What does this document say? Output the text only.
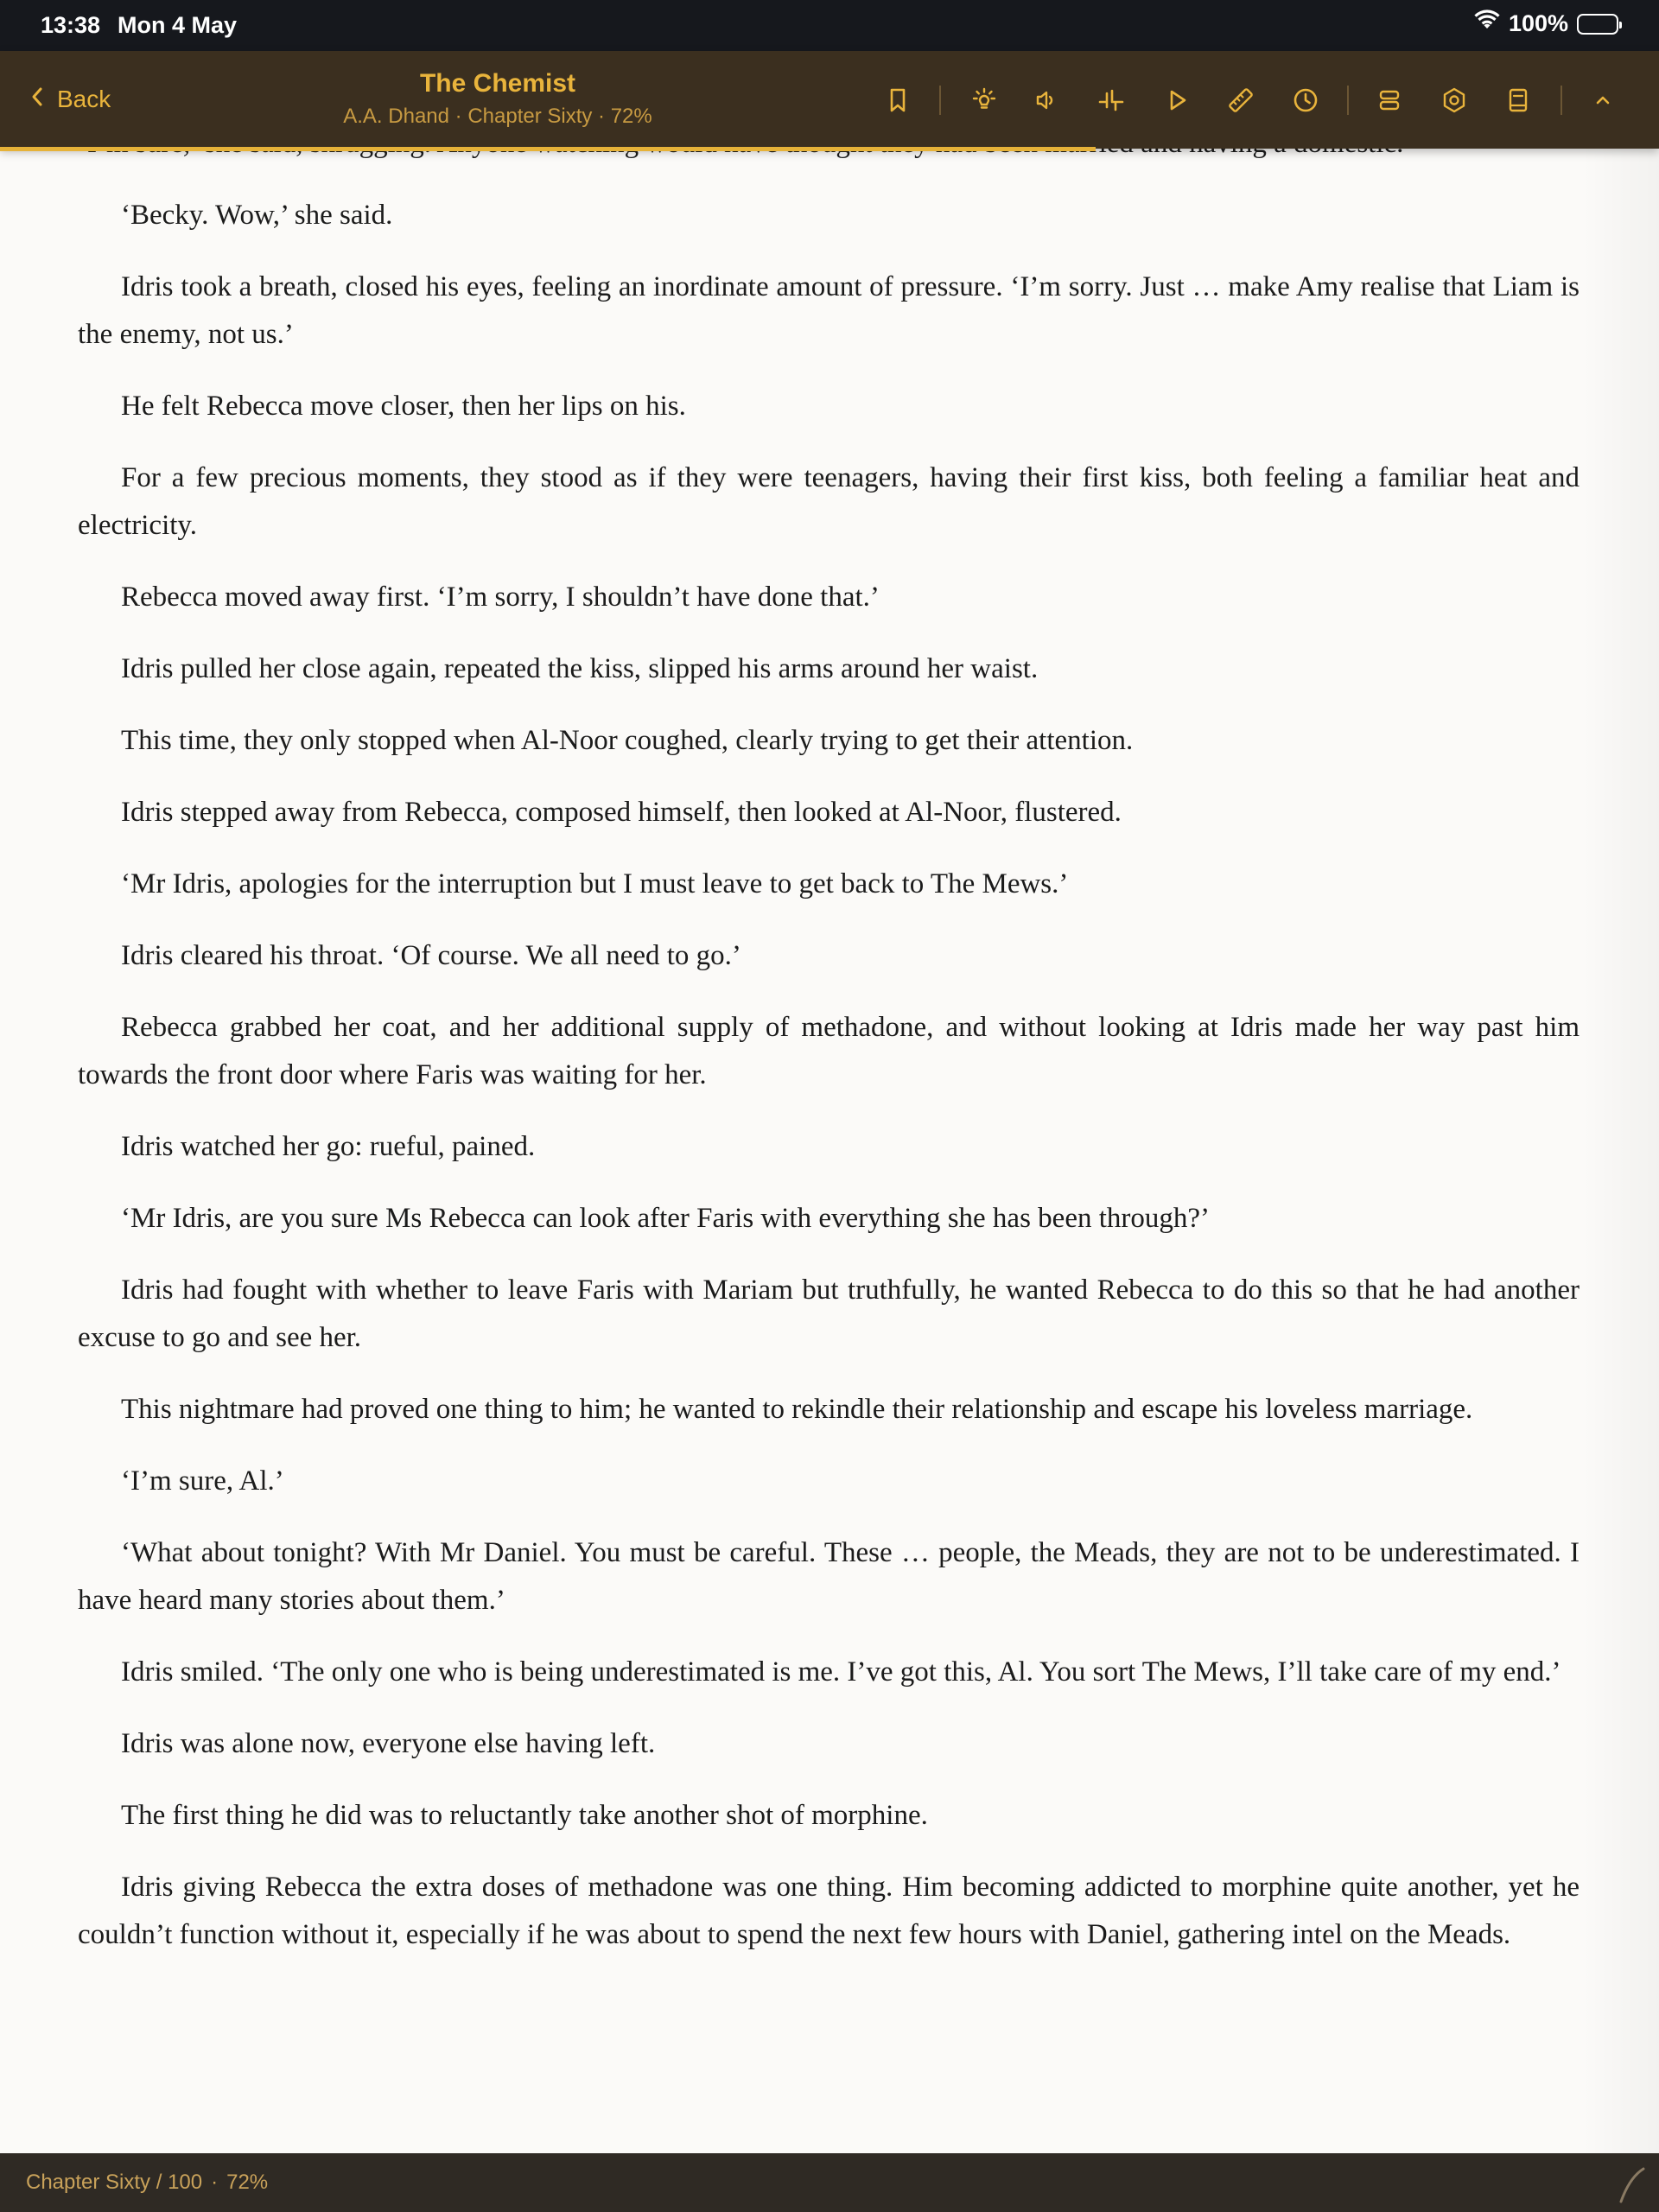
13:38 Mon 4 May	100%
Back
The Chemist
A.A. Dhand · Chapter Sixty · 72%

‘Becky. Wow,’ she said.

Idris took a breath, closed his eyes, feeling an inordinate amount of pressure. ‘I’m sorry. Just … make Amy realise that Liam is the enemy, not us.’

He felt Rebecca move closer, then her lips on his.

For a few precious moments, they stood as if they were teenagers, having their first kiss, both feeling a familiar heat and electricity.

Rebecca moved away first. ‘I’m sorry, I shouldn’t have done that.’

Idris pulled her close again, repeated the kiss, slipped his arms around her waist.

This time, they only stopped when Al-Noor coughed, clearly trying to get their attention.

Idris stepped away from Rebecca, composed himself, then looked at Al-Noor, flustered.

‘Mr Idris, apologies for the interruption but I must leave to get back to The Mews.’

Idris cleared his throat. ‘Of course. We all need to go.’

Rebecca grabbed her coat, and her additional supply of methadone, and without looking at Idris made her way past him towards the front door where Faris was waiting for her.

Idris watched her go: rueful, pained.

‘Mr Idris, are you sure Ms Rebecca can look after Faris with everything she has been through?’

Idris had fought with whether to leave Faris with Mariam but truthfully, he wanted Rebecca to do this so that he had another excuse to go and see her.

This nightmare had proved one thing to him; he wanted to rekindle their relationship and escape his loveless marriage.

‘I’m sure, Al.’

‘What about tonight? With Mr Daniel. You must be careful. These … people, the Meads, they are not to be underestimated. I have heard many stories about them.’

Idris smiled. ‘The only one who is being underestimated is me. I’ve got this, Al. You sort The Mews, I’ll take care of my end.’

Idris was alone now, everyone else having left.

The first thing he did was to reluctantly take another shot of morphine.

Idris giving Rebecca the extra doses of methadone was one thing. Him becoming addicted to morphine quite another, yet he couldn’t function without it, especially if he was about to spend the next few hours with Daniel, gathering intel on the Meads.

Chapter Sixty / 100 · 72%
